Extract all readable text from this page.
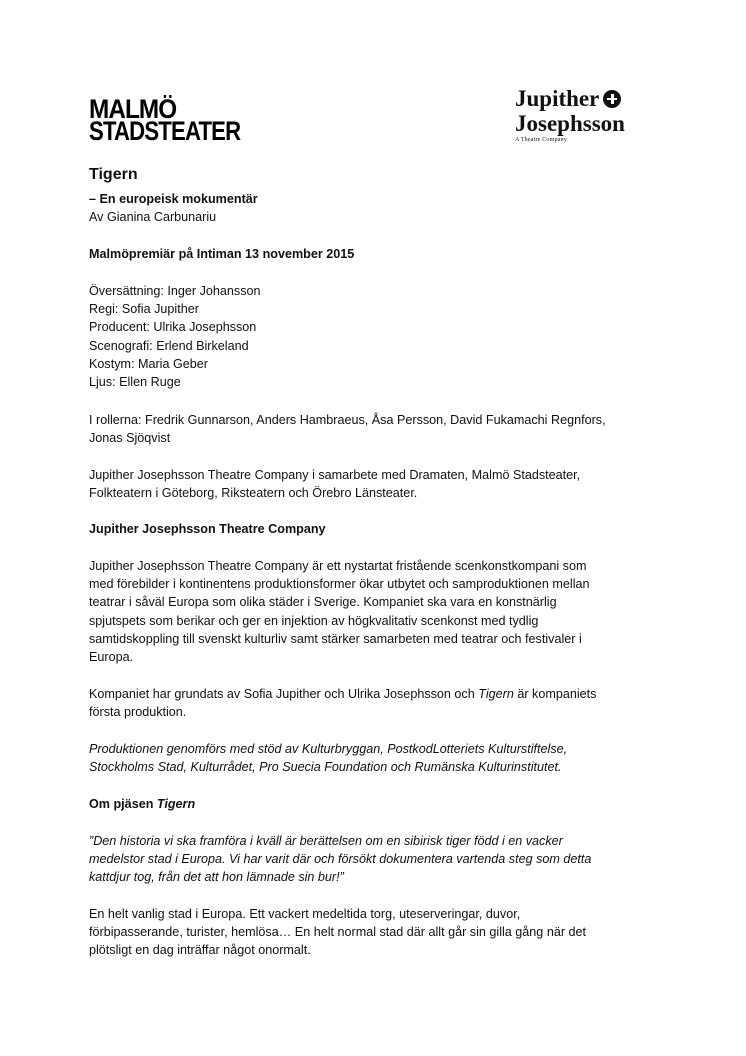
MALMÖ
STADSTEATER
Jupither
Josephsson
A Theatre Company
Tigern
– En europeisk mokumentär
Av Gianina Carbunariu
Malmöpremiär på Intiman 13 november 2015
Översättning: Inger Johansson
Regi: Sofia Jupither
Producent: Ulrika Josephsson
Scenografi: Erlend Birkeland
Kostym: Maria Geber
Ljus: Ellen Ruge
I rollerna: Fredrik Gunnarson, Anders Hambraeus, Åsa Persson, David Fukamachi Regnfors,
Jonas Sjöqvist
Jupither Josephsson Theatre Company i samarbete med Dramaten, Malmö Stadsteater,
Folkteatern i Göteborg, Riksteatern och Örebro Länsteater.
Jupither Josephsson Theatre Company
Jupither Josephsson Theatre Company är ett nystartat fristående scenkonstkompani som
med förebilder i kontinentens produktionsformer ökar utbytet och samproduktionen mellan
teatrar i såväl Europa som olika städer i Sverige. Kompaniet ska vara en konstnärlig
spjutspets som berikar och ger en injektion av högkvalitativ scenkonst med tydlig
samtidskoppling till svenskt kulturliv samt stärker samarbeten med teatrar och festivaler i
Europa.
Kompaniet har grundats av Sofia Jupither och Ulrika Josephsson och Tigern är kompaniets
första produktion.
Produktionen genomförs med stöd av Kulturbryggan, PostkodLotteriets Kulturstiftelse,
Stockholms Stad, Kulturrådet, Pro Suecia Foundation och Rumänska Kulturinstitutet.
Om pjäsen Tigern
”Den historia vi ska framföra i kväll är berättelsen om en sibirisk tiger född i en vacker
medelstor stad i Europa. Vi har varit där och försökt dokumentera vartenda steg som detta
kattdjur tog, från det att hon lämnade sin bur!”
En helt vanlig stad i Europa. Ett vackert medeltida torg, uteserveringar, duvor,
förbipasserande, turister, hemlösa… En helt normal stad där allt går sin gilla gång när det
plötsligt en dag inträffar något onormalt.
